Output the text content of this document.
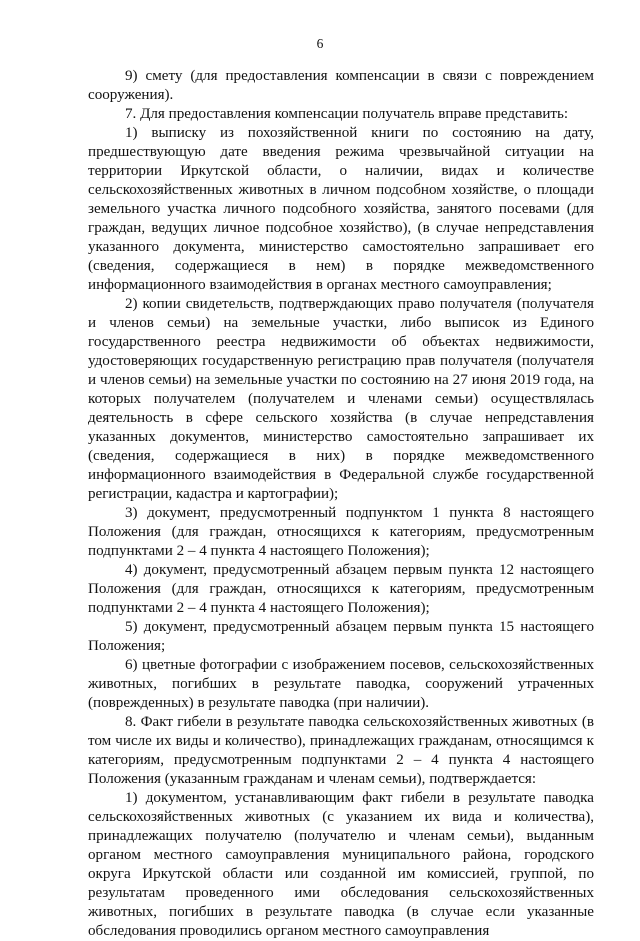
6

9) смету (для предоставления компенсации в связи с повреждением сооружения).

7. Для предоставления компенсации получатель вправе представить:

1) выписку из похозяйственной книги по состоянию на дату, предшествующую дате введения режима чрезвычайной ситуации на территории Иркутской области, о наличии, видах и количестве сельскохозяйственных животных в личном подсобном хозяйстве, о площади земельного участка личного подсобного хозяйства, занятого посевами (для граждан, ведущих личное подсобное хозяйство), (в случае непредставления указанного документа, министерство самостоятельно запрашивает его (сведения, содержащиеся в нем) в порядке межведомственного информационного взаимодействия в органах местного самоуправления;

2) копии свидетельств, подтверждающих право получателя (получателя и членов семьи) на земельные участки, либо выписок из Единого государственного реестра недвижимости об объектах недвижимости, удостоверяющих государственную регистрацию прав получателя (получателя и членов семьи) на земельные участки по состоянию на 27 июня 2019 года, на которых получателем (получателем и членами семьи) осуществлялась деятельность в сфере сельского хозяйства (в случае непредставления указанных документов, министерство самостоятельно запрашивает их (сведения, содержащиеся в них) в порядке межведомственного информационного взаимодействия в Федеральной службе государственной регистрации, кадастра и картографии);

3) документ, предусмотренный подпунктом 1 пункта 8 настоящего Положения (для граждан, относящихся к категориям, предусмотренным подпунктами 2 – 4 пункта 4 настоящего Положения);

4) документ, предусмотренный абзацем первым пункта 12 настоящего Положения (для граждан, относящихся к категориям, предусмотренным подпунктами 2 – 4 пункта 4 настоящего Положения);

5) документ, предусмотренный абзацем первым пункта 15 настоящего Положения;

6) цветные фотографии с изображением посевов, сельскохозяйственных животных, погибших в результате паводка, сооружений утраченных (поврежденных) в результате паводка (при наличии).

8. Факт гибели в результате паводка сельскохозяйственных животных (в том числе их виды и количество), принадлежащих гражданам, относящимся к категориям, предусмотренным подпунктами 2 – 4 пункта 4 настоящего Положения (указанным гражданам и членам семьи), подтверждается:

1) документом, устанавливающим факт гибели в результате паводка сельскохозяйственных животных (с указанием их вида и количества), принадлежащих получателю (получателю и членам семьи), выданным органом местного самоуправления муниципального района, городского округа Иркутской области или созданной им комиссией, группой, по результатам проведенного ими обследования сельскохозяйственных животных, погибших в результате паводка (в случае если указанные обследования проводились органом местного самоуправления
